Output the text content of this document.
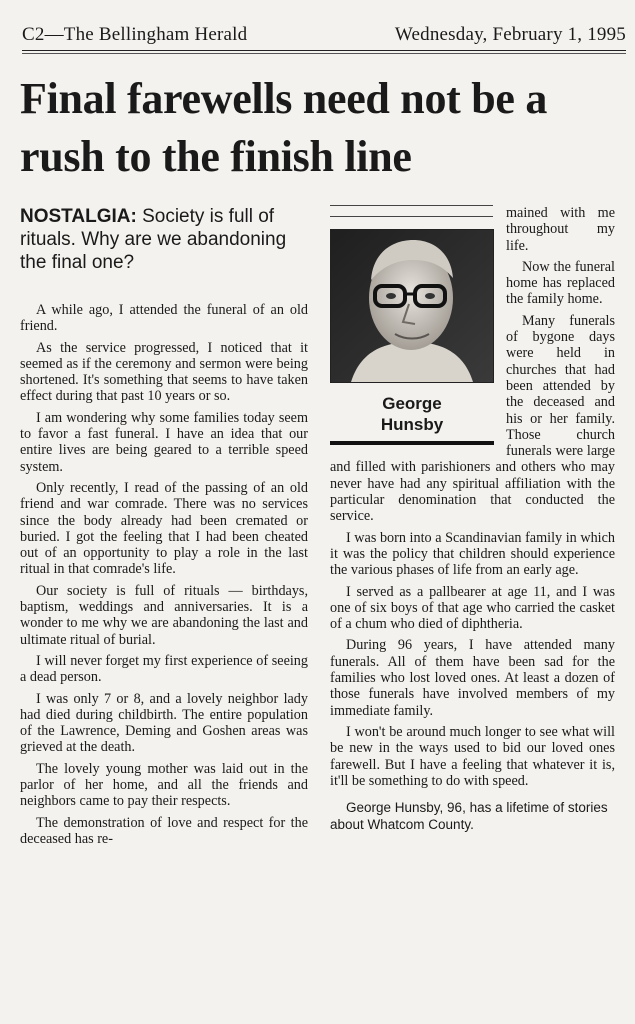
C2—The Bellingham Herald	Wednesday, February 1, 1995
Final farewells need not be a rush to the finish line

NOSTALGIA: Society is full of rituals. Why are we abandoning the final one?

A while ago, I attended the funeral of an old friend.

As the service progressed, I noticed that it seemed as if the ceremony and sermon were being shortened. It's something that seems to have taken effect during that past 10 years or so.

I am wondering why some families today seem to favor a fast funeral. I have an idea that our entire lives are being geared to a terrible speed system.

Only recently, I read of the passing of an old friend and war comrade. There was no services since the body already had been cremated or buried. I got the feeling that I had been cheated out of an opportunity to play a role in the last ritual in that comrade's life.

Our society is full of rituals — birthdays, baptism, weddings and anniversaries. It is a wonder to me why we are abandoning the last and ultimate ritual of burial.

I will never forget my first experience of seeing a dead person.

I was only 7 or 8, and a lovely neighbor lady had died during childbirth. The entire population of the Lawrence, Deming and Goshen areas was grieved at the death.

The lovely young mother was laid out in the parlor of her home, and all the friends and neighbors came to pay their respects.

The demonstration of love and respect for the deceased has re-

George
Hunsby

mained with me throughout my life.

Now the funeral home has replaced the family home.

Many funerals of bygone days were held in churches that had been attended by the deceased and his or her family. Those church funerals were large and filled with parishioners and others who may never have had any spiritual affiliation with the particular denomination that conducted the service.

I was born into a Scandinavian family in which it was the policy that children should experience the various phases of life from an early age.

I served as a pallbearer at age 11, and I was one of six boys of that age who carried the casket of a chum who died of diphtheria.

During 96 years, I have attended many funerals. All of them have been sad for the families who lost loved ones. At least a dozen of those funerals have involved members of my immediate family.

I won't be around much longer to see what will be new in the ways used to bid our loved ones farewell. But I have a feeling that whatever it is, it'll be something to do with speed.

George Hunsby, 96, has a lifetime of stories about Whatcom County.
